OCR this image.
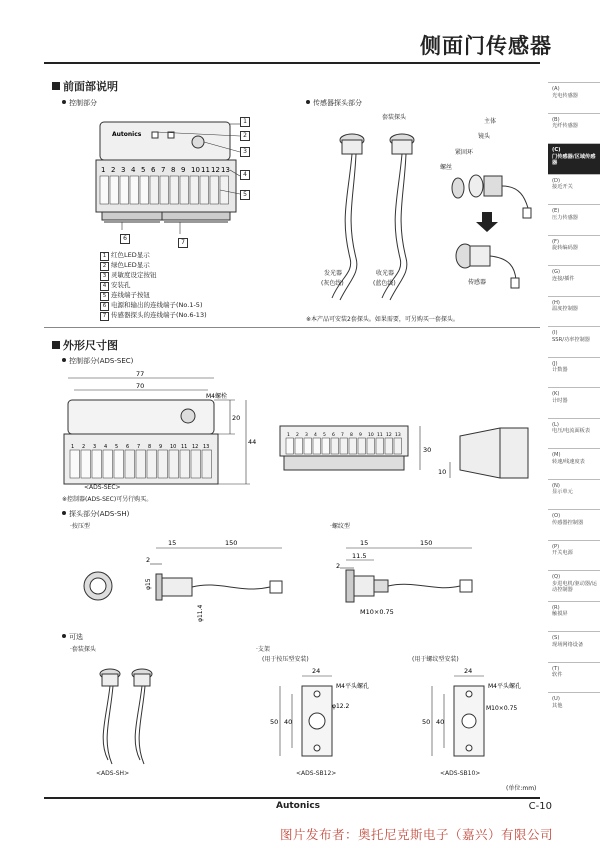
侧面门传感器
(A)
光电传感器
(B)
光纤传感器
(C)
门传感器/区域传感器
(D)
接近开关
(E)
压力传感器
(F)
旋转编码器
(G)
连接/插件
(H)
温度控制器
(I)
SSR/功率控制器
(J)
计数器
(K)
计时器
(L)
电压/电流面板表
(M)
转速/线速度表
(N)
显示单元
(O)
传感器控制器
(P)
开关电源
(Q)
步进电机/驱动器/运动控制器
(R)
触摸屏
(S)
现场网络设备
(T)
软件
(U)
其他
前面部说明
控制部分	传感器探头部分
Autonics
1 2 3 4 5 6 7 8 9 10 11 12 13
1
2
3
4
5
6
7
1 红色LED显示
2 绿色LED显示
3 灵敏度设定按钮
4 安装孔
5 连线端子按钮
6 电源和输出的连线端子(No.1-5)
7 传感器探头的连线端子(No.6-13)
套装探头
主体
镜头
紧固环
螺丝
发光器
(灰色线)
收光器
(蓝色线)	传感器
※本产品可安装2套探头。如果需要，可另购买一套探头。
外形尺寸图
控制部分(ADS-SEC)
77
70
1 2 3 4 5 6 7 8 9 10 11 12 13
M4螺栓
20
44
1 2 3 4 5 6 7 8 9 10 11 12 13
30
10
<ADS-SEC>
※控制器(ADS-SEC)可另行购买。
探头部分(ADS-SH)
·按压型	·螺纹型
15	150
2
φ15
φ11.4
15	150
11.5
2
M10×0.75
可选
·套装探头	·支架
(用于按压型安装)	(用于螺纹型安装)
24
50 40
M4平头螺孔
φ12.2
24
50 40
M4平头螺孔
M10×0.75
<ADS-SH>	<ADS-SB12>	<ADS-SB10>
(单位:mm)
Autonics	C-10
图片发布者：奥托尼克斯电子（嘉兴）有限公司
